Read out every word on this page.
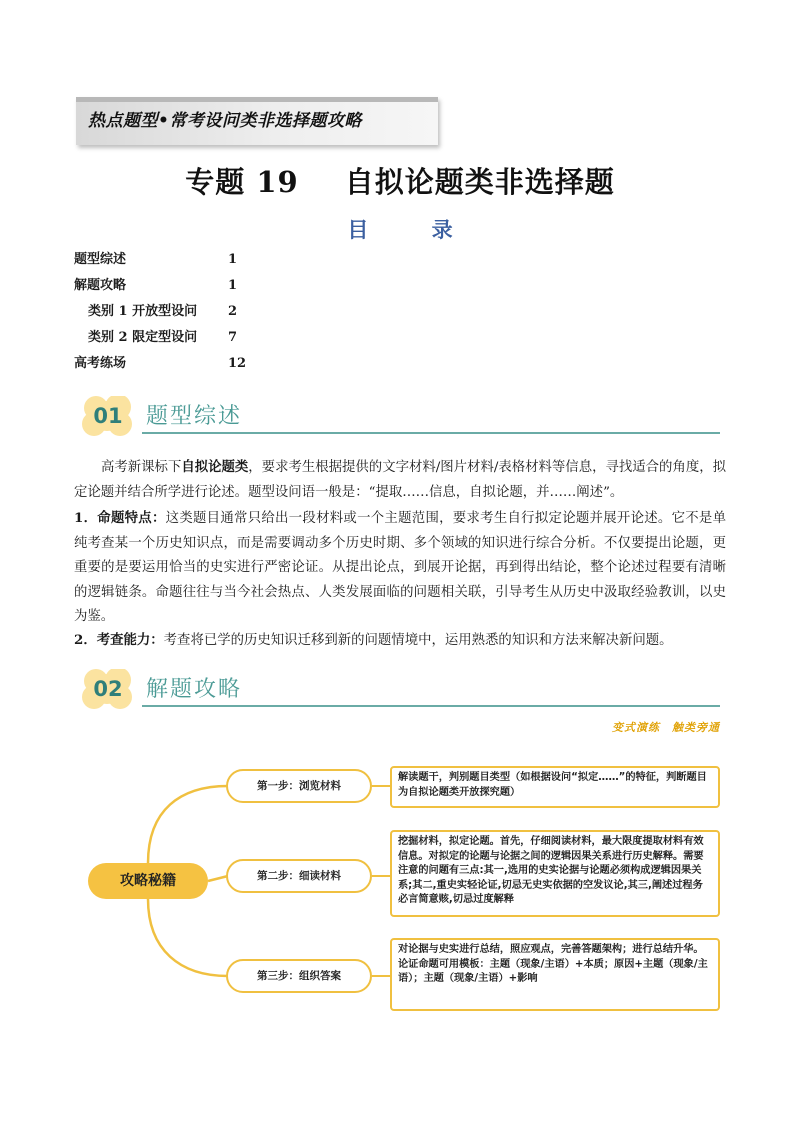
热点题型•常考设问类非选择题攻略
专题 19 自拟论题类非选择题
目 录
题型综述	1
解题攻略	1
类别 1 开放型设问 2
类别 2 限定型设问 7
高考练场	12
01	题型综述
高考新课标下自拟论题类，要求考生根据提供的文字材料/图片材料/表格材料等信息，寻找适合的角度，拟定论题并结合所学进行论述。题型设问语一般是：“提取……信息，自拟论题，并……阐述”。
1．命题特点：这类题目通常只给出一段材料或一个主题范围，要求考生自行拟定论题并展开论述。它不是单纯考查某一个历史知识点，而是需要调动多个历史时期、多个领域的知识进行综合分析。不仅要提出论题，更重要的是要运用恰当的史实进行严密论证。从提出论点，到展开论据，再到得出结论，整个论述过程要有清晰的逻辑链条。命题往往与当今社会热点、人类发展面临的问题相关联，引导考生从历史中汲取经验教训，以史为鉴。
2．考查能力：考查将已学的历史知识迁移到新的问题情境中，运用熟悉的知识和方法来解决新问题。
02	解题攻略
变式演练 触类旁通
攻略秘籍
第一步：浏览材料
第二步：细读材料
第三步：组织答案
解读题干，判别题目类型（如根据设问“拟定……”的特征，判断题目为自拟论题类开放探究题）
挖掘材料，拟定论题。首先，仔细阅读材料，最大限度提取材料有效信息。对拟定的论题与论据之间的逻辑因果关系进行历史解释。需要注意的问题有三点:其一,选用的史实论据与论题必须构成逻辑因果关系;其二,重史实轻论证,切忌无史实依据的空发议论,其三,阐述过程务必言简意赅,切忌过度解释
对论据与史实进行总结，照应观点，完善答题架构；进行总结升华。
论证命题可用模板：主题（现象/主语）+本质；原因+主题（现象/主语）；主题（现象/主语）+影响
